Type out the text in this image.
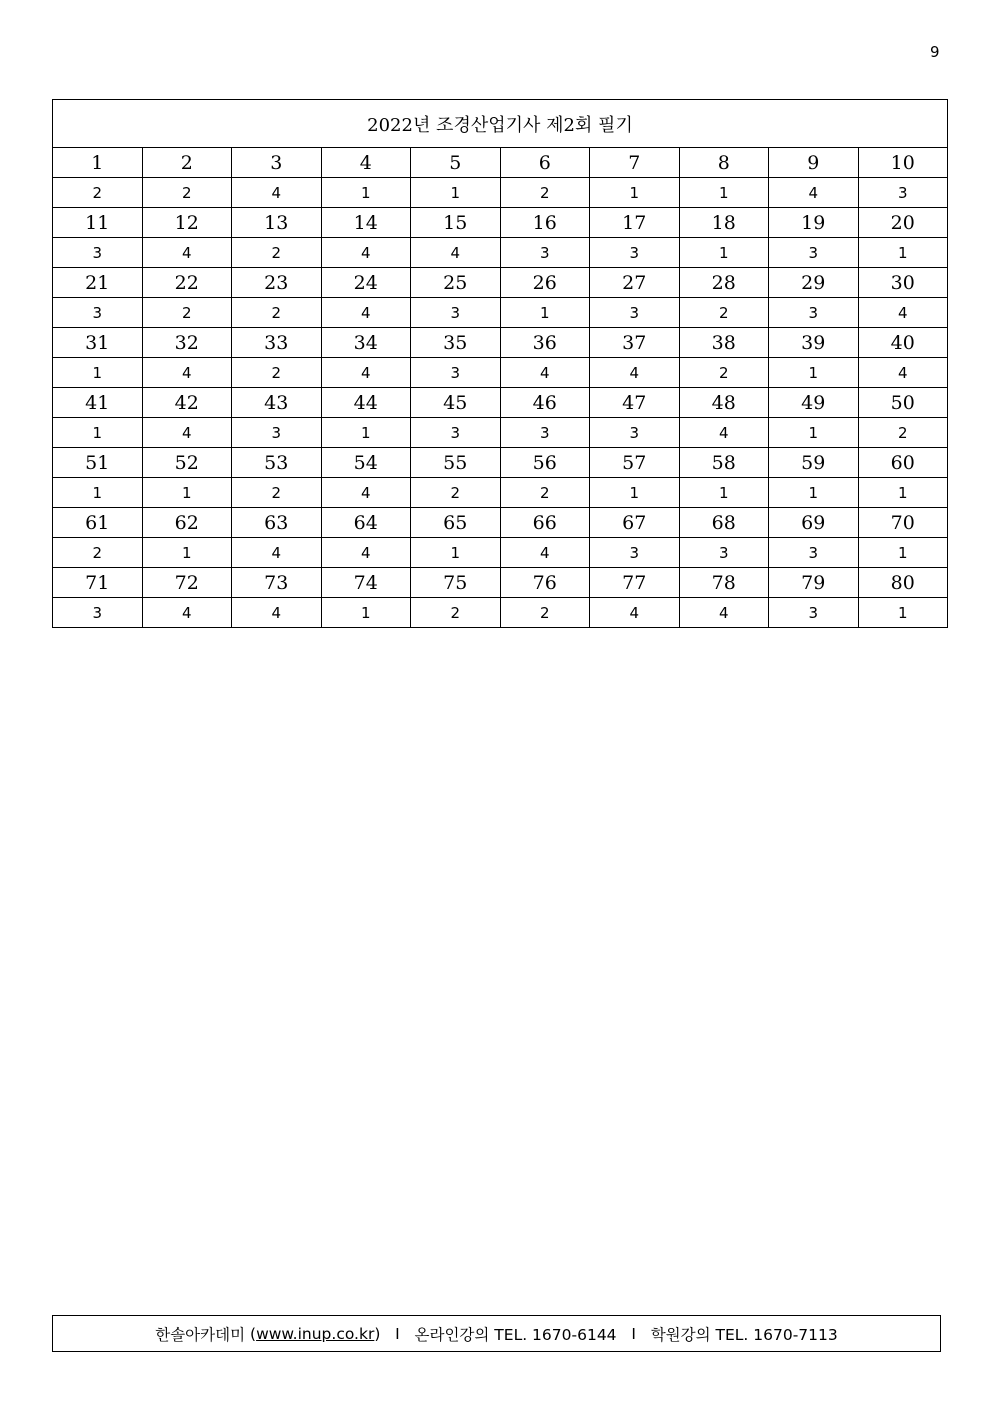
9
2022년 조경산업기사 제2회 필기									
1	2	3	4	5	6	7	8	9	10
2	2	4	1	1	2	1	1	4	3
11	12	13	14	15	16	17	18	19	20
3	4	2	4	4	3	3	1	3	1
21	22	23	24	25	26	27	28	29	30
3	2	2	4	3	1	3	2	3	4
31	32	33	34	35	36	37	38	39	40
1	4	2	4	3	4	4	2	1	4
41	42	43	44	45	46	47	48	49	50
1	4	3	1	3	3	3	4	1	2
51	52	53	54	55	56	57	58	59	60
1	1	2	4	2	2	1	1	1	1
61	62	63	64	65	66	67	68	69	70
2	1	4	4	1	4	3	3	3	1
71	72	73	74	75	76	77	78	79	80
3	4	4	1	2	2	4	4	3	1
한솔아카데미 ( www.inup.co.kr ) I
온라인강의 TEL. 1670-6144
I
학원강의 TEL. 1670-7113
